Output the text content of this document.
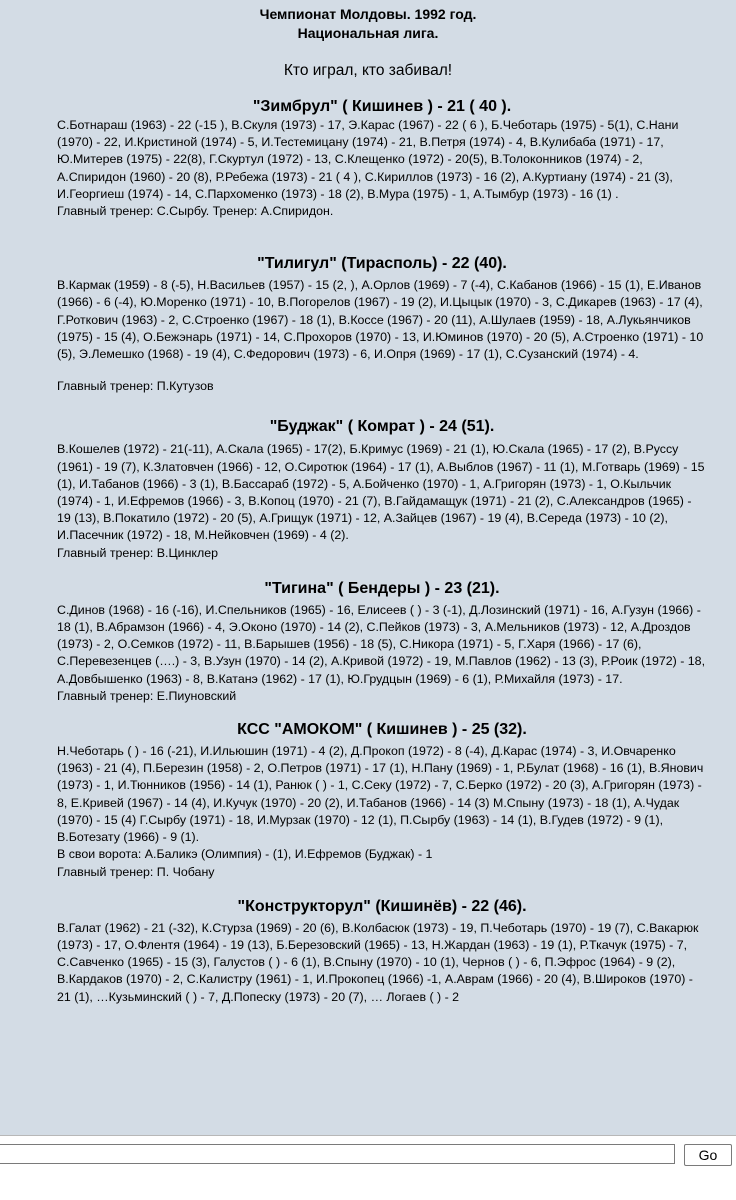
Чемпионат Молдовы. 1992 год.
Национальная лига.
Кто играл, кто забивал!
"Зимбрул" ( Кишинев ) - 21 ( 40 ).

С.Ботнараш (1963) - 22 (-15 ), В.Скуля (1973) - 17, Э.Карас (1967) - 22 ( 6 ), Б.Чеботарь (1975) - 5(1), С.Нани (1970) - 22, И.Кристиной (1974) - 5, И.Тестемицану (1974) - 21, В.Петря (1974) - 4, В.Кулибаба (1971) - 17, Ю.Митерев (1975) - 22(8), Г.Скуртул (1972) - 13, С.Клещенко (1972) - 20(5), В.Толоконников (1974) - 2, А.Спиридон (1960) - 20 (8), Р.Ребежа (1973) - 21 ( 4 ), С.Кириллов (1973) - 16 (2), А.Куртиану (1974) - 21 (3), И.Георгиеш (1974) - 14, С.Пархоменко (1973) - 18 (2), В.Мура (1975) - 1, А.Тымбур (1973) - 16 (1) .

Главный тренер: С.Сырбу. Тренер: А.Спиридон.

"Тилигул" (Тирасполь) - 22 (40).

В.Кармак (1959) - 8 (-5), Н.Васильев (1957) - 15 (2, ), А.Орлов (1969) - 7 (-4), С.Кабанов (1966) - 15 (1), Е.Иванов (1966) - 6 (-4), Ю.Моренко (1971) - 10, В.Погорелов (1967) - 19 (2), И.Цыцык (1970) - 3, С.Дикарев (1963) - 17 (4), Г.Роткович (1963) - 2, С.Строенко (1967) - 18 (1), В.Коссе (1967) - 20 (11), А.Шулаев (1959) - 18, А.Лукьянчиков (1975) - 15 (4), О.Бежэнарь (1971) - 14, С.Прохоров (1970) - 13, И.Юминов (1970) - 20 (5), А.Строенко (1971) - 10 (5), Э.Лемешко (1968) - 19 (4), С.Федорович (1973) - 6, И.Опря (1969) - 17 (1), С.Сузанский (1974) - 4.

Главный тренер: П.Кутузов

"Буджак" ( Комрат ) - 24 (51).

В.Кошелев (1972) - 21(-11), А.Скала (1965) - 17(2), Б.Кримус (1969) - 21 (1), Ю.Скала (1965) - 17 (2), В.Руссу (1961) - 19 (7), К.Златовчен (1966) - 12, О.Сиротюк (1964) - 17 (1), А.Выблов (1967) - 11 (1), М.Готварь (1969) - 15 (1), И.Табанов (1966) - 3 (1), В.Бассараб (1972) - 5, А.Бойченко (1970) - 1, А.Григорян (1973) - 1, О.Кыльчик (1974) - 1, И.Ефремов (1966) - 3, В.Копоц (1970) - 21 (7), В.Гайдамащук (1971) - 21 (2), С.Александров (1965) - 19 (13), В.Покатило (1972) - 20 (5), А.Грищук (1971) - 12, А.Зайцев (1967) - 19 (4), В.Середа (1973) - 10 (2), И.Пасечник (1972) - 18, М.Нейковчен (1969) - 4 (2).

Главный тренер: В.Цинклер

"Тигина" ( Бендеры ) - 23 (21).

С.Динов (1968) - 16 (-16), И.Спельников (1965) - 16, Елисеев ( ) - 3 (-1), Д.Лозинский (1971) - 16, А.Гузун (1966) - 18 (1), В.Абрамзон (1966) - 4, Э.Оконо (1970) - 14 (2), С.Пейков (1973) - 3, А.Мельников (1973) - 12, А.Дроздов (1973) - 2, О.Семков (1972) - 11, В.Барышев (1956) - 18 (5), С.Никора (1971) - 5, Г.Харя (1966) - 17 (6), С.Перевезенцев (….) - 3, В.Узун (1970) - 14 (2), А.Кривой (1972) - 19, М.Павлов (1962) - 13 (3), Р.Роик (1972) - 18, А.Довбышенко (1963) - 8, В.Катанэ (1962) - 17 (1), Ю.Грудцын (1969) - 6 (1), Р.Михайля (1973) - 17.

Главный тренер: Е.Пиуновский

КСС "АМОКОМ" ( Кишинев ) - 25 (32).

Н.Чеботарь ( ) - 16 (-21), И.Ильюшин (1971) - 4 (2), Д.Прокоп (1972) - 8 (-4), Д.Карас (1974) - 3, И.Овчаренко (1963) - 21 (4), П.Березин (1958) - 2, О.Петров (1971) - 17 (1), Н.Пану (1969) - 1, Р.Булат (1968) - 16 (1), В.Янович (1973) - 1, И.Тюнников (1956) - 14 (1), Ранюк ( ) - 1, С.Секу (1972) - 7, С.Берко (1972) - 20 (3), А.Григорян (1973) - 8, Е.Кривей (1967) - 14 (4), И.Кучук (1970) - 20 (2), И.Табанов (1966) - 14 (3) М.Спыну (1973) - 18 (1), А.Чудак (1970) - 15 (4) Г.Сырбу (1971) - 18, И.Мурзак (1970) - 12 (1), П.Сырбу (1963) - 14 (1), В.Гудев (1972) - 9 (1), В.Ботезату (1966) - 9 (1).

В свои ворота: А.Баликэ (Олимпия) - (1), И.Ефремов (Буджак) - 1

Главный тренер: П. Чобану

"Конструкторул" (Кишинёв) - 22 (46).

В.Галат (1962) - 21 (-32), К.Стурза (1969) - 20 (6), В.Колбасюк (1973) - 19, П.Чеботарь (1970) - 19 (7), С.Вакарюк (1973) - 17, О.Флентя (1964) - 19 (13), Б.Березовский (1965) - 13, Н.Жардан (1963) - 19 (1), Р.Ткачук (1975) - 7, С.Савченко (1965) - 15 (3), Галустов ( ) - 6 (1), В.Спыну (1970) - 10 (1), Чернов ( ) - 6, П.Эфрос (1964) - 9 (2), В.Кардаков (1970) - 2, С.Калистру (1961) - 1, И.Прокопец (1966) -1, А.Аврам (1966) - 20 (4), В.Широков (1970) - 21 (1), …Кузьминский ( ) - 7, Д.Попеску (1973) - 20 (7), … Логаев ( ) - 2

Go
